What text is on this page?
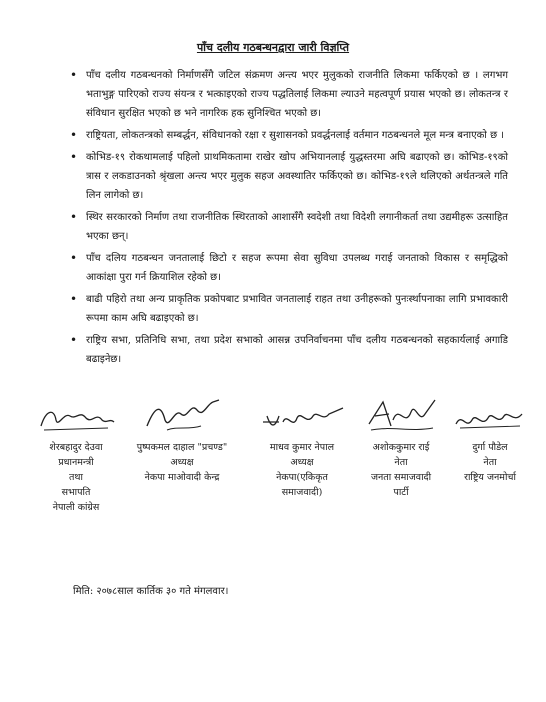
पाँच दलीय गठबन्धनद्वारा जारी विज्ञप्ति
• पाँच दलीय गठबन्धनको निर्माणसँगै जटिल संक्रमण अन्त्य भएर मुलुकको राजनीति लिकमा फर्किएको छ । लगभग भताभुङ्ग पारिएको राज्य संयन्त्र र भत्काइएको राज्य पद्धतिलाई लिकमा ल्याउने महत्वपूर्ण प्रयास भएको छ। लोकतन्त्र र संविधान सुरक्षित भएको छ भने नागरिक हक सुनिश्चित भएको छ।
• राष्ट्रियता, लोकतन्त्रको सम्बर्द्धन, संविधानको रक्षा र सुशासनको प्रवर्द्धनलाई वर्तमान गठबन्धनले मूल मन्त्र बनाएको छ ।
• कोभिड-१९ रोकथामलाई पहिलो प्राथमिकतामा राखेर खोप अभियानलाई युद्धस्तरमा अघि बढाएको छ। कोभिड-१९को त्रास र लकडाउनको श्रृंखला अन्त्य भएर मुलुक सहज अवस्थातिर फर्किएको छ। कोभिड-१९ले थलिएको अर्थतन्त्रले गति लिन लागेको छ।
• स्थिर सरकारको निर्माण तथा राजनीतिक स्थिरताको आशासँगै स्वदेशी तथा विदेशी लगानीकर्ता तथा उद्यमीहरू उत्साहित भएका छन्।
• पाँच दलिय गठबन्धन जनतालाई छिटो र सहज रूपमा सेवा सुविधा उपलब्ध गराई जनताको विकास र समृद्धिको आकांक्षा पुरा गर्न क्रियाशिल रहेको छ।
• बाढी पहिरो तथा अन्य प्राकृतिक प्रकोपबाट प्रभावित जनतालाई राहत तथा उनीहरूको पुनःर्स्थापनाका लागि प्रभावकारी रूपमा काम अघि बढाइएको छ।
• राष्ट्रिय सभा, प्रतिनिधि सभा, तथा प्रदेश सभाको आसन्न उपनिर्वाचनमा पाँच दलीय गठबन्धनको सहकार्यलाई अगाडि बढाइनेछ।
शेरबहादुर देउवा
प्रधानमन्त्री
तथा
सभापति
नेपाली कांग्रेस
पुष्पकमल दाहाल "प्रचण्ड"
अध्यक्ष
नेकपा माओवादी केन्द्र
माधव कुमार नेपाल
अध्यक्ष
नेकपा(एकिकृत
समाजवादी)
अशोककुमार राई
नेता
जनता समाजवादी
पार्टी
दुर्गा पौडेल
नेता
राष्ट्रिय जनमोर्चा
मिति: २०७८साल कार्तिक ३० गते मंगलवार।
